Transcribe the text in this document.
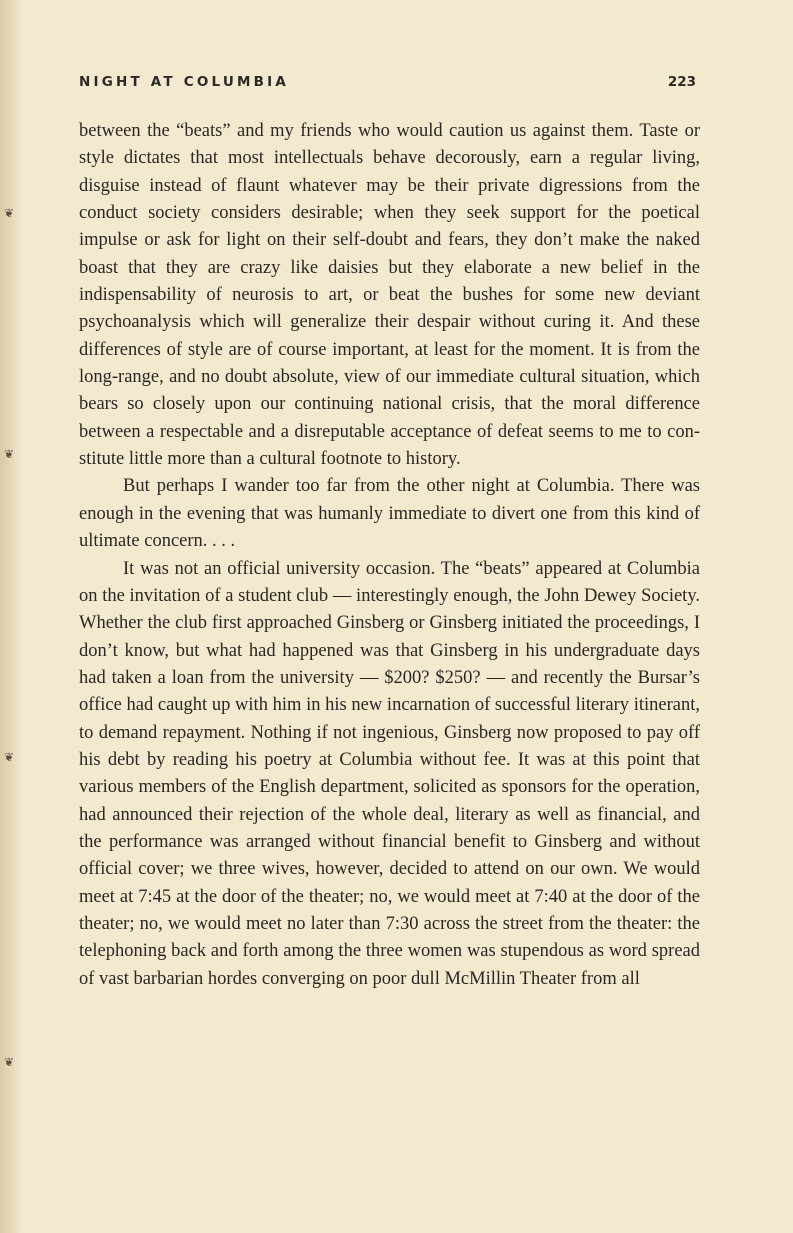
❦
❦
❦
❦
NIGHT AT COLUMBIA	223

between the “beats” and my friends who would caution us against them. Taste or style dictates that most intellectuals behave decorously, earn a regular living, disguise instead of flaunt whatever may be their private digressions from the conduct society considers desirable; when they seek support for the poetical impulse or ask for light on their self-doubt and fears, they don’t make the naked boast that they are crazy like daisies but they elaborate a new belief in the indispensability of neurosis to art, or beat the bushes for some new deviant psychoanalysis which will generalize their despair without curing it. And these differences of style are of course important, at least for the moment. It is from the long-range, and no doubt absolute, view of our immediate cultural situation, which bears so closely upon our continuing national crisis, that the moral difference between a respectable and a disreputable acceptance of defeat seems to me to constitute little more than a cultural footnote to history.

But perhaps I wander too far from the other night at Columbia. There was enough in the evening that was humanly immediate to divert one from this kind of ultimate concern. . . .

It was not an official university occasion. The “beats” appeared at Columbia on the invitation of a student club — interestingly enough, the John Dewey Society. Whether the club first approached Ginsberg or Ginsberg initiated the proceedings, I don’t know, but what had happened was that Ginsberg in his undergraduate days had taken a loan from the university — $200? $250? — and recently the Bursar’s office had caught up with him in his new incarnation of successful literary itinerant, to demand repayment. Nothing if not ingenious, Ginsberg now proposed to pay off his debt by reading his poetry at Columbia without fee. It was at this point that various members of the English department, solicited as sponsors for the operation, had announced their rejection of the whole deal, literary as well as financial, and the performance was arranged without financial benefit to Ginsberg and without official cover; we three wives, however, decided to attend on our own. We would meet at 7:45 at the door of the theater; no, we would meet at 7:40 at the door of the theater; no, we would meet no later than 7:30 across the street from the theater: the telephoning back and forth among the three women was stupendous as word spread of vast barbarian hordes converging on poor dull McMillin Theater from all
